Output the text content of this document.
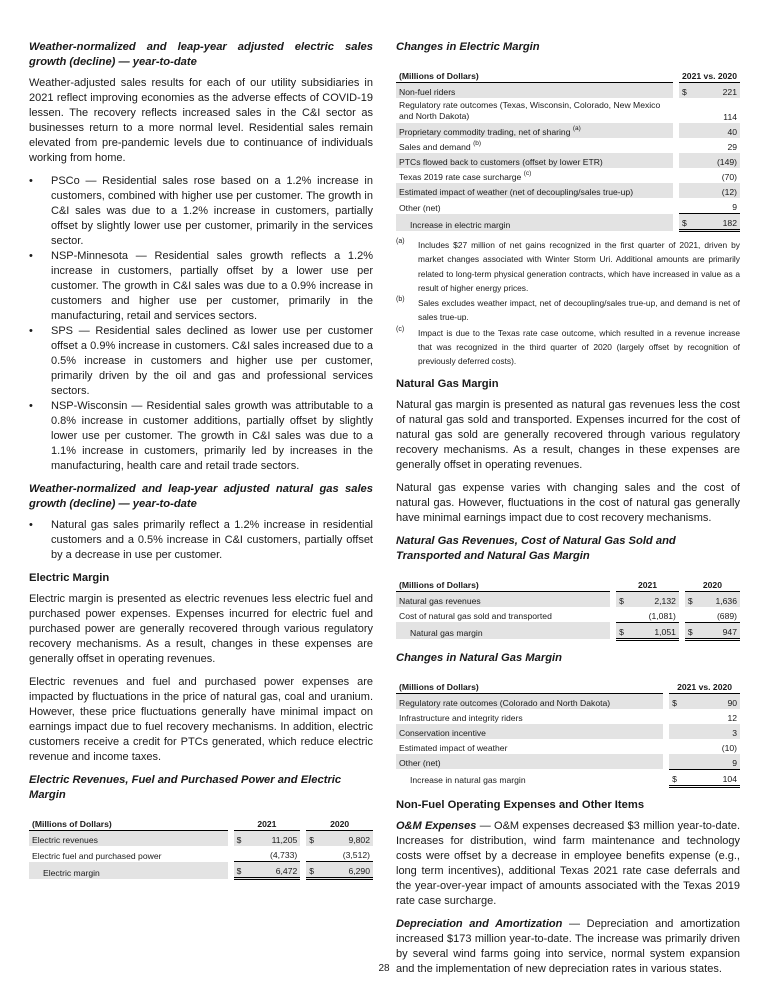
Weather-normalized and leap-year adjusted electric sales growth (decline) — year-to-date

Weather-adjusted sales results for each of our utility subsidiaries in 2021 reflect improving economies as the adverse effects of COVID-19 lessen. The recovery reflects increased sales in the C&I sector as businesses return to a more normal level. Residential sales remain elevated from pre-pandemic levels due to continuance of individuals working from home.

• PSCo — Residential sales rose based on a 1.2% increase in customers, combined with higher use per customer. The growth in C&I sales was due to a 1.2% increase in customers, partially offset by slightly lower use per customer, primarily in the services sector.
• NSP-Minnesota — Residential sales growth reflects a 1.2% increase in customers, partially offset by a lower use per customer. The growth in C&I sales was due to a 0.9% increase in customers and higher use per customer, primarily in the manufacturing, retail and services sectors.
• SPS — Residential sales declined as lower use per customer offset a 0.9% increase in customers. C&I sales increased due to a 0.5% increase in customers and higher use per customer, primarily driven by the oil and gas and professional services sectors.
• NSP-Wisconsin — Residential sales growth was attributable to a 0.8% increase in customer additions, partially offset by slightly lower use per customer. The growth in C&I sales was due to a 1.1% increase in customers, primarily led by increases in the manufacturing, health care and retail trade sectors.
Weather-normalized and leap-year adjusted natural gas sales growth (decline) — year-to-date
• Natural gas sales primarily reflect a 1.2% increase in residential customers and a 0.5% increase in C&I customers, partially offset by a decrease in use per customer.
Electric Margin

Electric margin is presented as electric revenues less electric fuel and purchased power expenses. Expenses incurred for electric fuel and purchased power are generally recovered through various regulatory recovery mechanisms. As a result, changes in these expenses are generally offset in operating revenues.

Electric revenues and fuel and purchased power expenses are impacted by fluctuations in the price of natural gas, coal and uranium. However, these price fluctuations generally have minimal impact on earnings impact due to fuel recovery mechanisms. In addition, electric customers receive a credit for PTCs generated, which reduce electric revenue and income taxes.

Electric Revenues, Fuel and Purchased Power and Electric Margin
(Millions of Dollars)		2021			2020	
Electric revenues		$	11,205		$	9,802
Electric fuel and purchased power			(4,733)			(3,512)
Electric margin		$	6,472		$	6,290
Changes in Electric Margin
(Millions of Dollars)		2021 vs. 2020	
Non-fuel riders		$	221
Regulatory rate outcomes (Texas, Wisconsin, Colorado, New Mexico and North Dakota)			114
Proprietary commodity trading, net of sharing $^{(a)}$			40
Sales and demand $^{(b)}$			29
PTCs flowed back to customers (offset by lower ETR)			(149)
Texas 2019 rate case surcharge $^{(c)}$			(70)
Estimated impact of weather (net of decoupling/sales true-up)			(12)
Other (net)			9
Increase in electric margin		$	182
(a) Includes $27 million of net gains recognized in the first quarter of 2021, driven by market changes associated with Winter Storm Uri. Additional amounts are primarily related to long-term physical generation contracts, which have increased in value as a result of higher energy prices.
(b) Sales excludes weather impact, net of decoupling/sales true-up, and demand is net of sales true-up.
(c) Impact is due to the Texas rate case outcome, which resulted in a revenue increase that was recognized in the third quarter of 2020 (largely offset by recognition of previously deferred costs).
Natural Gas Margin

Natural gas margin is presented as natural gas revenues less the cost of natural gas sold and transported. Expenses incurred for the cost of natural gas sold are generally recovered through various regulatory recovery mechanisms. As a result, changes in these expenses are generally offset in operating revenues.

Natural gas expense varies with changing sales and the cost of natural gas. However, fluctuations in the cost of natural gas generally have minimal earnings impact due to cost recovery mechanisms.

Natural Gas Revenues, Cost of Natural Gas Sold and Transported and Natural Gas Margin
(Millions of Dollars)		2021			2020	
Natural gas revenues		$	2,132		$	1,636
Cost of natural gas sold and transported			(1,081)			(689)
Natural gas margin		$	1,051		$	947
Changes in Natural Gas Margin
(Millions of Dollars)		2021 vs. 2020	
Regulatory rate outcomes (Colorado and North Dakota)		$	90
Infrastructure and integrity riders			12
Conservation incentive			3
Estimated impact of weather			(10)
Other (net)			9
Increase in natural gas margin		$	104
Non-Fuel Operating Expenses and Other Items

O&M Expenses — O&M expenses decreased $3 million year-to-date. Increases for distribution, wind farm maintenance and technology costs were offset by a decrease in employee benefits expense (e.g., long term incentives), additional Texas 2021 rate case deferrals and the year-over-year impact of amounts associated with the Texas 2019 rate case surcharge.

Depreciation and Amortization — Depreciation and amortization increased $173 million year-to-date. The increase was primarily driven by several wind farms going into service, normal system expansion and the implementation of new depreciation rates in various states.

28
